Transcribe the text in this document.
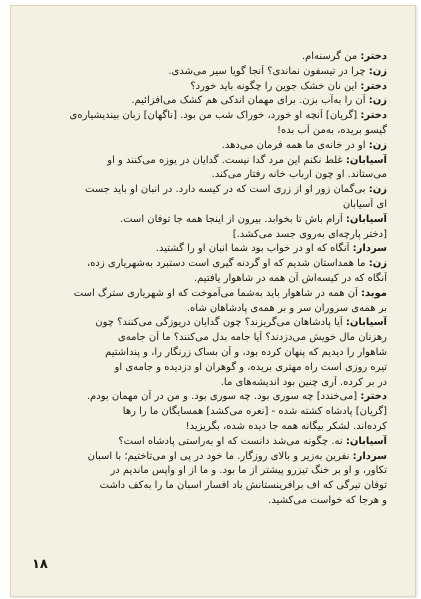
دختر: من گرسنه‌ام.
زن: چرا در تیسفون نماندی؟ آنجا گویا سیر می‌شدی.
دختر: این نان خشک جوین را چگونه باید خورد؟
زن: آن را به‌آب بزن. برای مهمان اندکی هم کشک می‌افزائیم.
دختر: [گریان] آنچه او خورد، خوراک شب من بود. [ناگهان] زبان بیندیشیاره‌ی
گیسو بریده، به‌من آب بده!
زن: او در خانه‌ی ما همه فرمان می‌دهد.
آسیابان: غلط نکنم این مرد گدا نیست. گدایان در یوزه می‌کنند و او
می‌ستاند. او چون ارباب خانه رفتار می‌کند.
زن: بی‌گمان زور او از زری است که در کیسه دارد. در انبان او باید جست
ای آسیابان
آسیابان: آرام باش تا بخوابد. بیرون از اینجا همه جا توفان است.
[دختر پارچه‌ای به‌روی جسد می‌کشد.]
سردار: آنگاه که او در خواب بود شما انبان او را گشتید.
زن: ما همداستان شدیم که او گردنه گیری است دستبرد به‌شهریاری زده،
آنگاه که در کیسه‌اش آن همه در شاهوار یافتیم.
موبد: آن همه در شاهوار باید به‌شما می‌آموخت که او شهریاری سترگ است
بر همه‌ی سروران سر و بر همه‌ی پادشاهان شاه.
آسیابان: آیا پادشاهان می‌گریزند؟ چون گدایان دریوزگی می‌کنند؟ چون
رهزنان مال خویش می‌دزدند؟ آیا جامه بدل می‌کنند؟ ما آن جامه‌ی
شاهوار را دیدیم که پنهان کرده بود، و آن بساک زرنگار را، و پنداشتیم
تیره روزی است راه مهتری بریده، و گوهران او دزدیده و جامه‌ی او
در بر کرده. آری چنین بود اندیشه‌های ما.
دختر: [می‌خندد] چه سوری بود. چه سوری بود. و من در آن مهمان بودم.
[گریان] پادشاه کشته شده - [نعره می‌کشد] همسایگان ما را رها
کرده‌اند. لشکر بیگانه همه جا دیده شده، بگریزید!
آسیابان: نه. چگونه می‌شد دانست که او به‌راستی پادشاه است؟
سردار: نفرین به‌زیر و بالای روزگار. ما خود در پی او می‌تاختیم؛ با اسبان
تکاور، و او بر خنگ تیزرو پیشتر از ما بود. و ما از او واپس ماندیم در
توفان تیرگی که اف برافرینستانش باد افسار اسبان ما را به‌کف داشت
و هرجا که خواست می‌کشید.
۱۸
